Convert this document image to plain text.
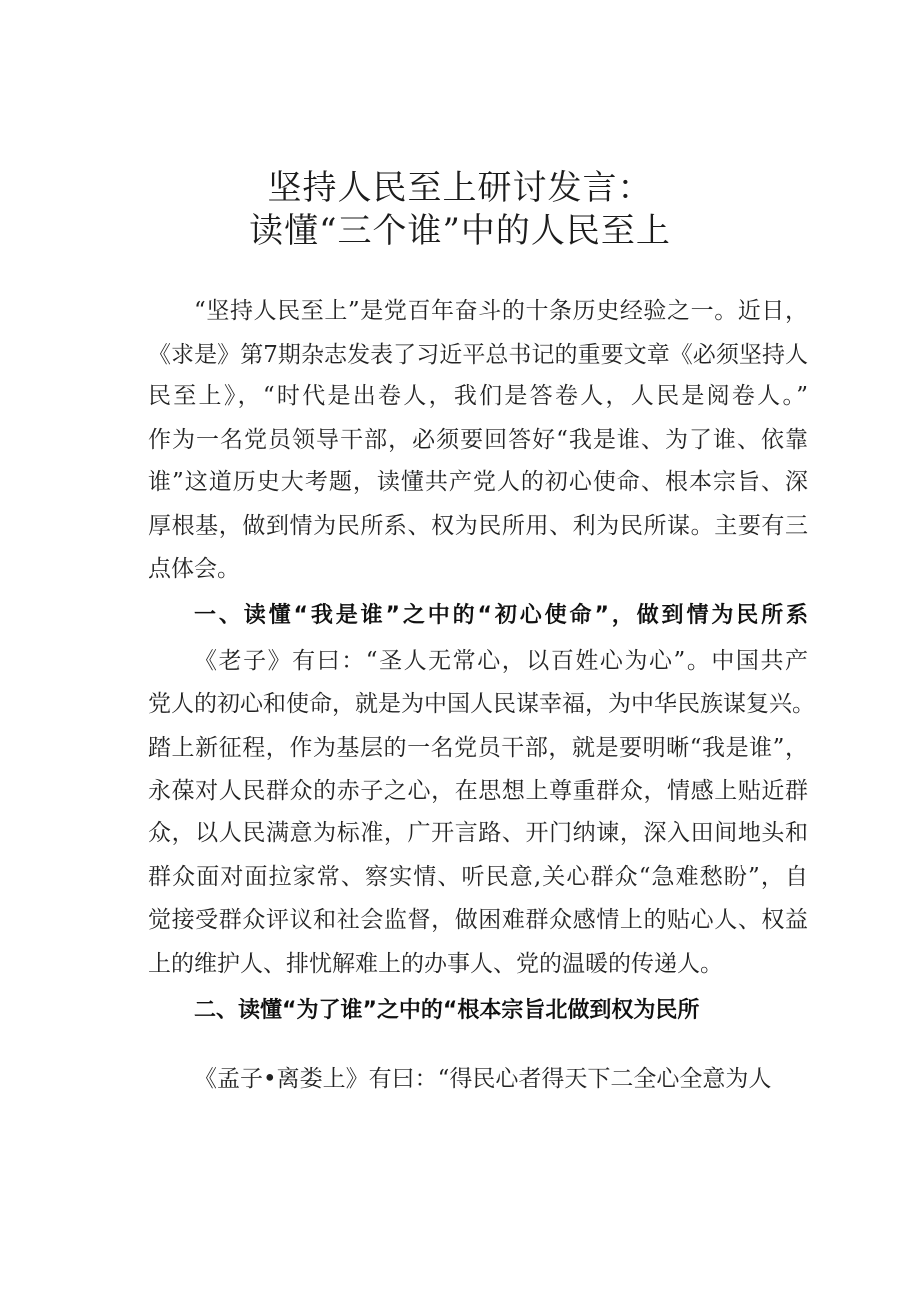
坚持人民至上研讨发言：
读懂“三个谁”中的人民至上

“坚持人民至上”是党百年奋斗的十条历史经验之一。近日，

《求是》第7期杂志发表了习近平总书记的重要文章《必须坚持人

民至上》，“时代是出卷人，我们是答卷人，人民是阅卷人。”

作为一名党员领导干部，必须要回答好“我是谁、为了谁、依靠

谁”这道历史大考题，读懂共产党人的初心使命、根本宗旨、深

厚根基，做到情为民所系、权为民所用、利为民所谋。主要有三

点体会。

一、读懂“我是谁”之中的“初心使命”，做到情为民所系

《老子》有曰：“圣人无常心，以百姓心为心”。中国共产

党人的初心和使命，就是为中国人民谋幸福，为中华民族谋复兴。

踏上新征程，作为基层的一名党员干部，就是要明晰“我是谁”，

永葆对人民群众的赤子之心，在思想上尊重群众，情感上贴近群

众，以人民满意为标准，广开言路、开门纳谏，深入田间地头和

群众面对面拉家常、察实情、听民意,关心群众“急难愁盼”，自

觉接受群众评议和社会监督，做困难群众感情上的贴心人、权益

上的维护人、排忧解难上的办事人、党的温暖的传递人。

二、读懂“为了谁”之中的“根本宗旨北做到权为民所

《孟子•离娄上》有曰：“得民心者得天下二全心全意为人
